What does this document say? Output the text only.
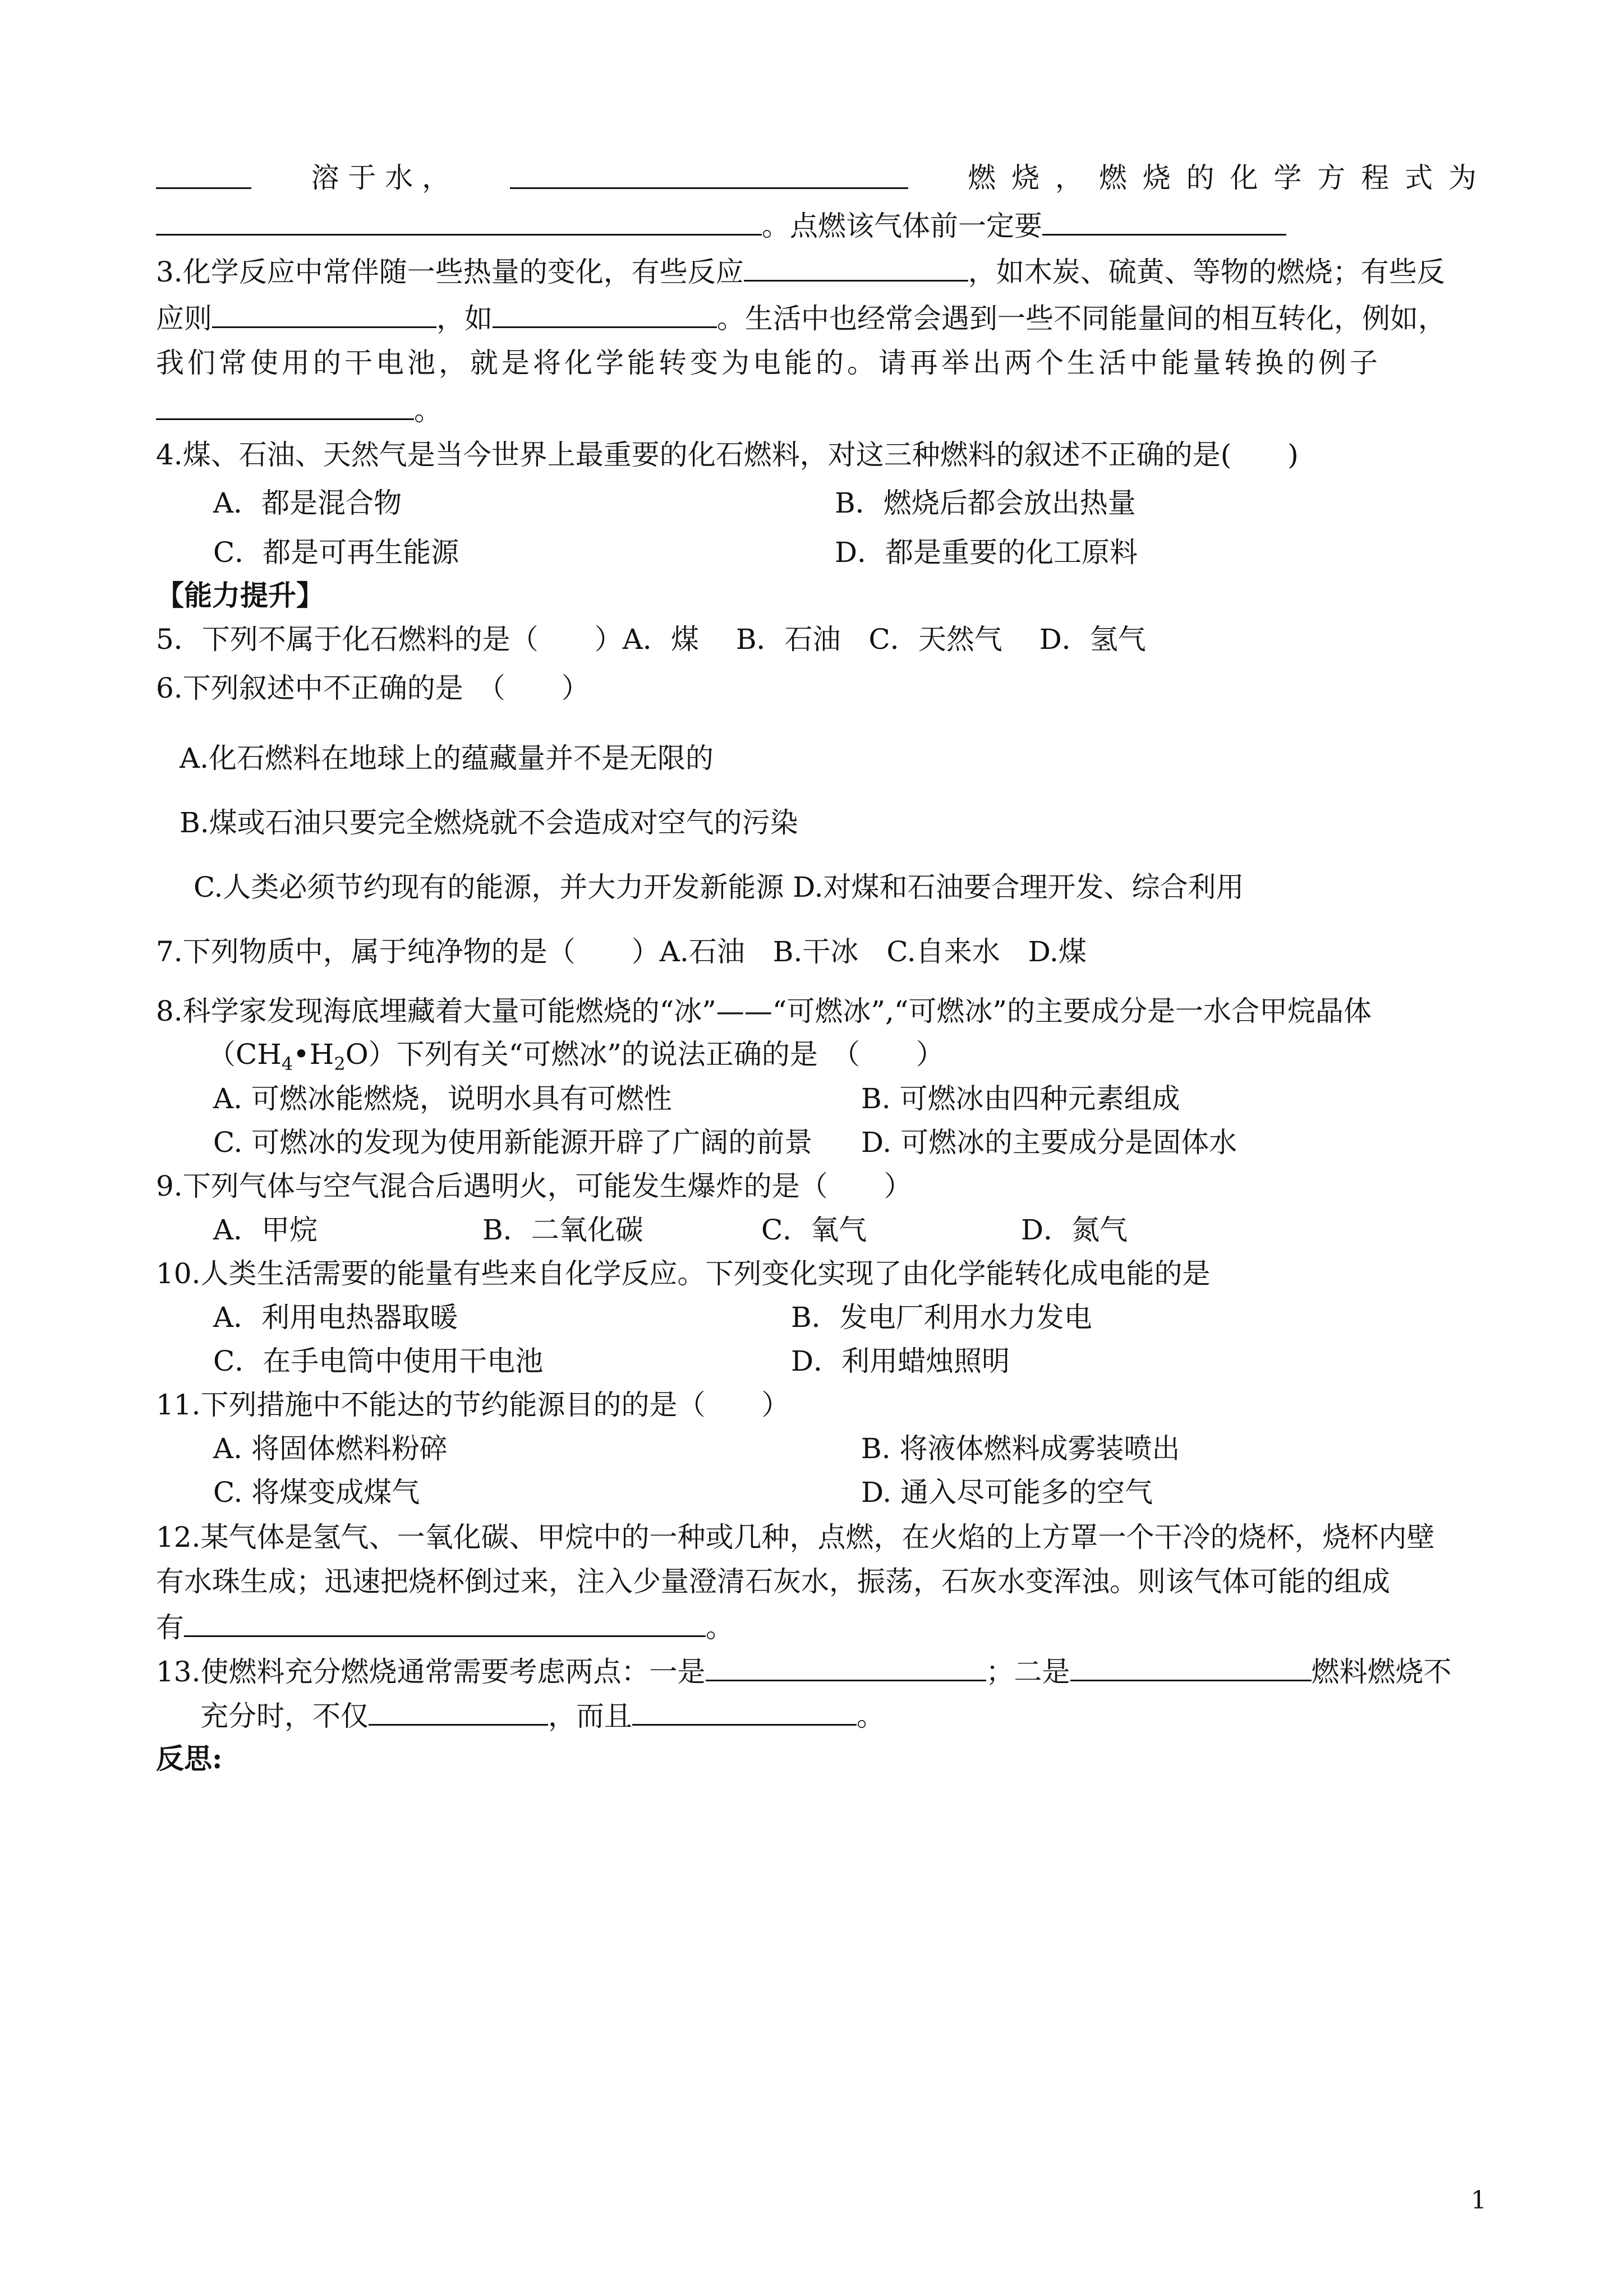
溶 于 水 ，	燃 烧 ， 燃 烧 的 化 学 方 程 式 为
。点燃该气体前一定要
3.化学反应中常伴随一些热量的变化，有些反应	，如木炭、硫黄、等物的燃烧；有些反
应则	，如	。生活中也经常会遇到一些不同能量间的相互转化，例如，
我们常使用的干电池，就是将化学能转变为电能的。请再举出两个生活中能量转换的例子
。
4.煤、石油、天然气是当今世界上最重要的化石燃料，对这三种燃料的叙述不正确的是(　　)
A．都是混合物	B．燃烧后都会放出热量
C．都是可再生能源	D．都是重要的化工原料
【能力提升】
5．下列不属于化石燃料的是（　　）A．煤　 B．石油　C．天然气　 D．氢气
6.下列叙述中不正确的是　（　　）
A.化石燃料在地球上的蕴藏量并不是无限的
B.煤或石油只要完全燃烧就不会造成对空气的污染
C.人类必须节约现有的能源，并大力开发新能源 D.对煤和石油要合理开发、综合利用
7.下列物质中，属于纯净物的是（　　）A.石油　B.干冰　C.自来水　D.煤
8.科学家发现海底埋藏着大量可能燃烧的“冰”——“可燃冰”,“可燃冰”的主要成分是一水合甲烷晶体
$(CH_4•H_2O)$下列有关“可燃冰”的说法正确的是　（　　）
A. 可燃冰能燃烧，说明水具有可燃性	B. 可燃冰由四种元素组成
C. 可燃冰的发现为使用新能源开辟了广阔的前景 D. 可燃冰的主要成分是固体水
9.下列气体与空气混合后遇明火，可能发生爆炸的是（　　）
A．甲烷	B．二氧化碳	C．氧气	D．氮气
10.人类生活需要的能量有些来自化学反应。下列变化实现了由化学能转化成电能的是
A．利用电热器取暖	B．发电厂利用水力发电
C．在手电筒中使用干电池	D．利用蜡烛照明
11.下列措施中不能达的节约能源目的的是（　　）
A. 将固体燃料粉碎	B. 将液体燃料成雾装喷出
C. 将煤变成煤气	D. 通入尽可能多的空气
12.某气体是氢气、一氧化碳、甲烷中的一种或几种，点燃，在火焰的上方罩一个干冷的烧杯，烧杯内壁
有水珠生成；迅速把烧杯倒过来，注入少量澄清石灰水，振荡，石灰水变浑浊。则该气体可能的组成
有	。
13.使燃料充分燃烧通常需要考虑两点：一是	；二是	燃料燃烧不
充分时，不仅	，而且	。
反思:
1
